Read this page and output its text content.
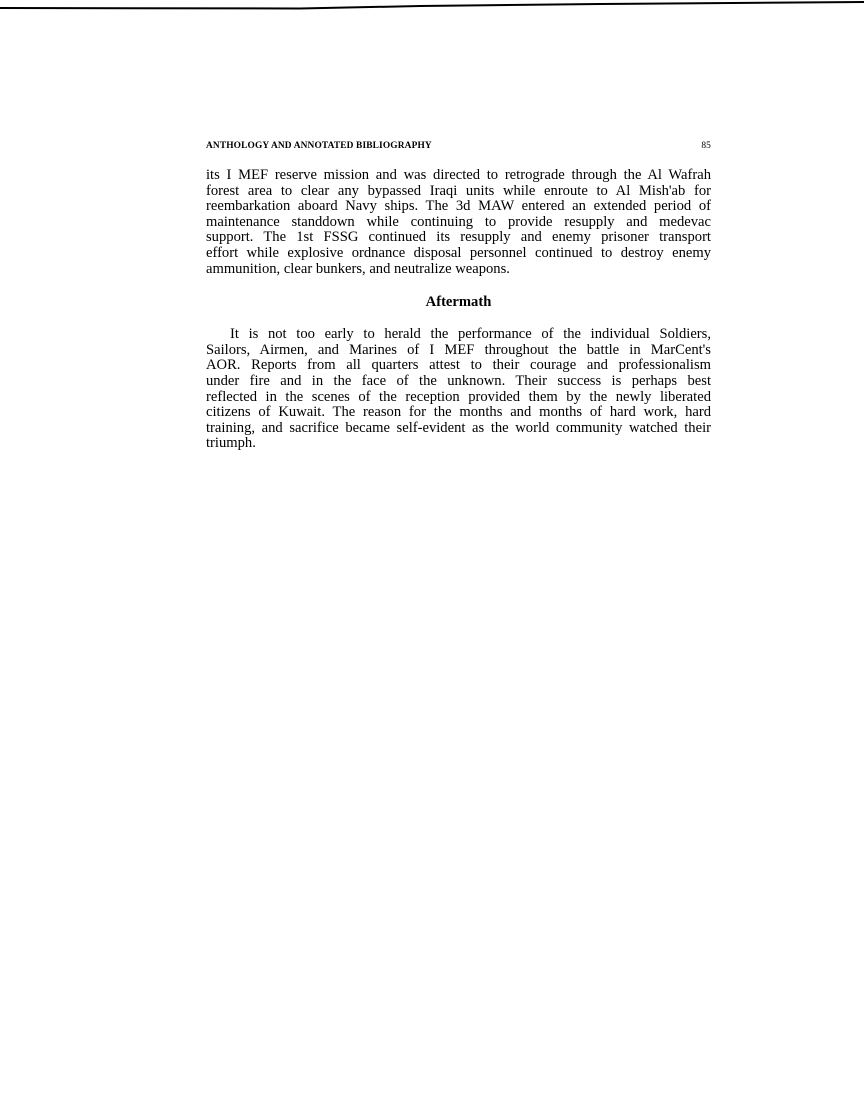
ANTHOLOGY AND ANNOTATED BIBLIOGRAPHY	85
its I MEF reserve mission and was directed to retrograde through the Al Wafrah
forest area to clear any bypassed Iraqi units while enroute to Al Mish'ab for
reembarkation aboard Navy ships. The 3d MAW entered an extended period of
maintenance standdown while continuing to provide resupply and medevac
support. The 1st FSSG continued its resupply and enemy prisoner transport
effort while explosive ordnance disposal personnel continued to destroy enemy
ammunition, clear bunkers, and neutralize weapons.
Aftermath
It is not too early to herald the performance of the individual Soldiers,
Sailors, Airmen, and Marines of I MEF throughout the battle in MarCent's
AOR. Reports from all quarters attest to their courage and professionalism
under fire and in the face of the unknown. Their success is perhaps best
reflected in the scenes of the reception provided them by the newly liberated
citizens of Kuwait. The reason for the months and months of hard work, hard
training, and sacrifice became self-evident as the world community watched their
triumph.
